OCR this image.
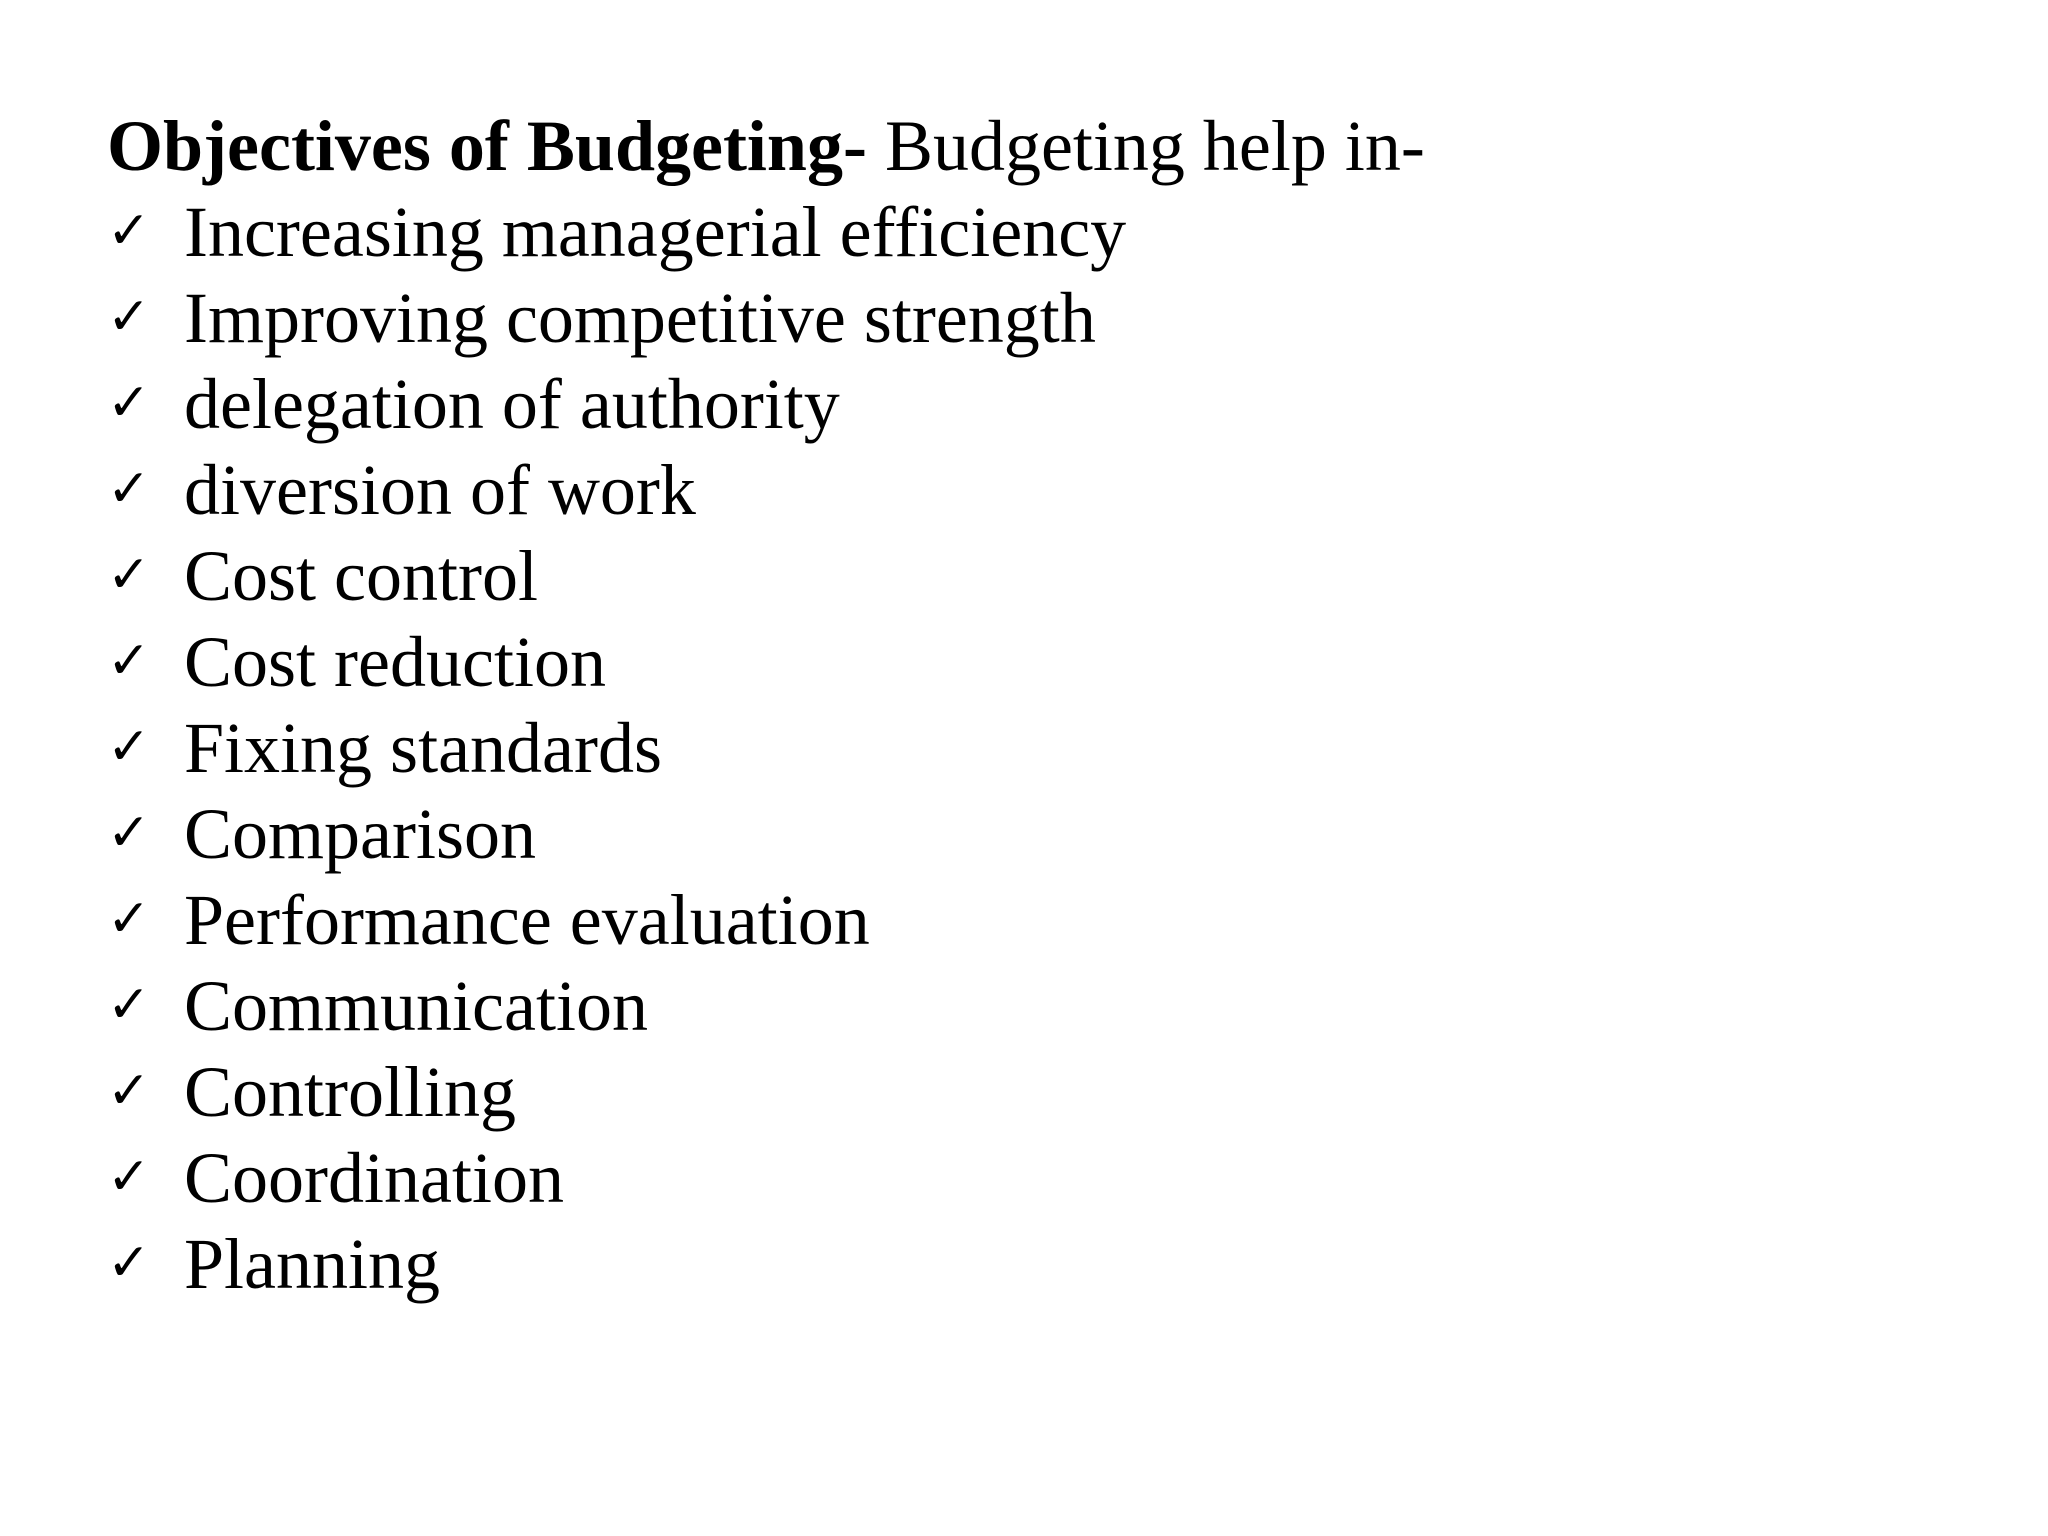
Objectives of Budgeting- Budgeting help in-

✓ Increasing managerial efficiency
✓ Improving competitive strength
✓ delegation of authority
✓ diversion of work
✓ Cost control
✓ Cost reduction
✓ Fixing standards
✓ Comparison
✓ Performance evaluation
✓ Communication
✓ Controlling
✓ Coordination
✓ Planning
